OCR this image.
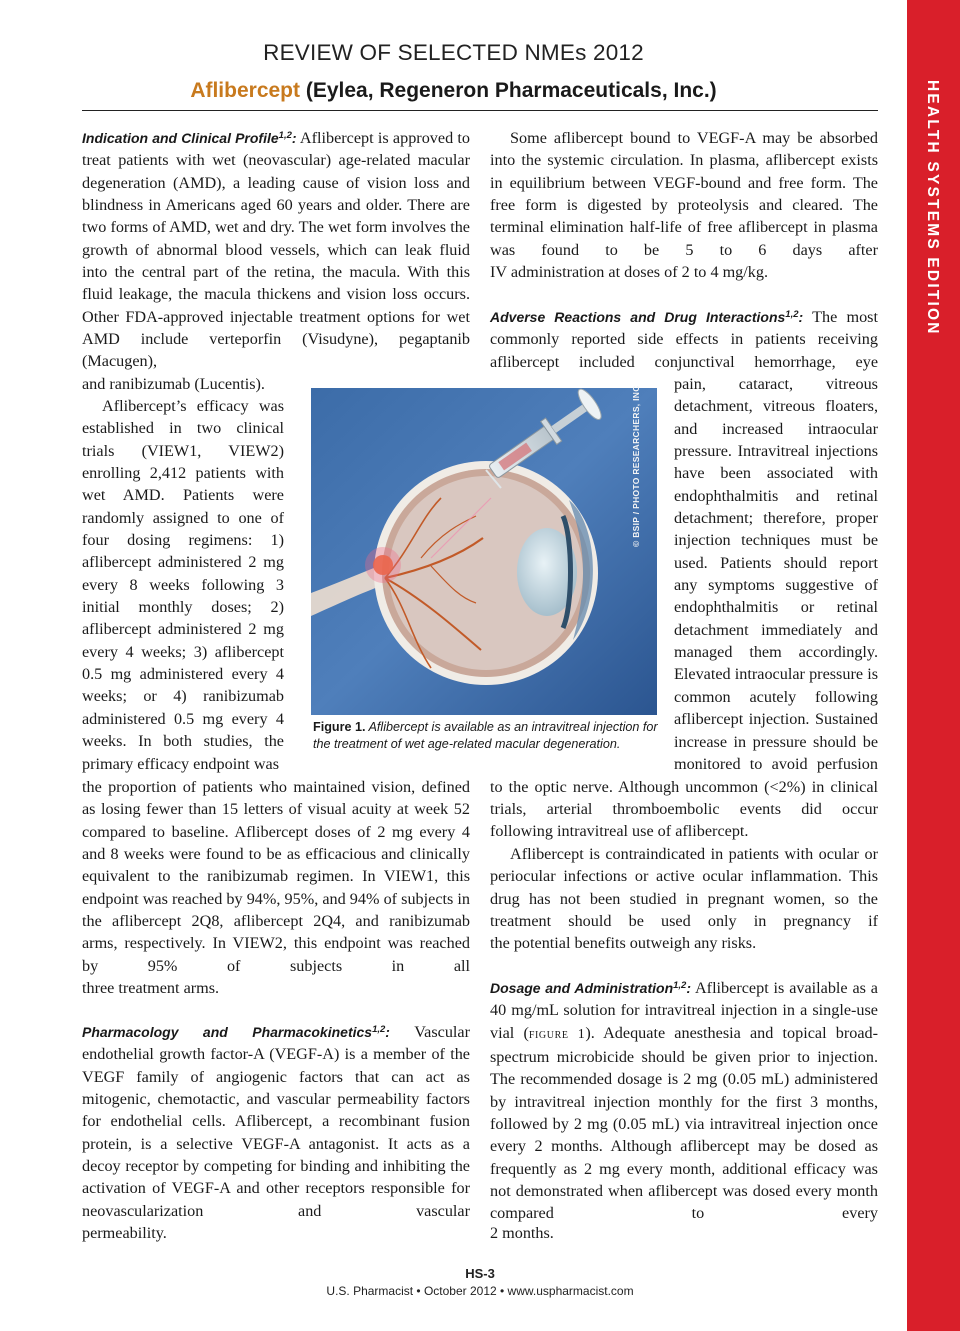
HEALTH SYSTEMS EDITION
REVIEW OF SELECTED NMEs 2012
Aflibercept (Eylea, Regeneron Pharmaceuticals, Inc.)

Indication and Clinical Profile$^{1,2}$: Aflibercept is approved to treat patients with wet (neovascular) age-related macular degeneration (AMD), a leading cause of vision loss and blindness in Americans aged 60 years and older. There are two forms of AMD, wet and dry. The wet form involves the growth of abnormal blood vessels, which can leak fluid into the central part of the retina, the macula. With this fluid leakage, the macula thickens and vision loss occurs. Other FDA-approved injectable treatment options for wet AMD include verteporfin (Visudyne), pegaptanib (Macugen),

and ranibizumab (Lucentis).

Aflibercept’s efficacy was established in two clinical trials (VIEW1, VIEW2) enrolling 2,412 patients with wet AMD. Patients were randomly assigned to one of four dosing regimens: 1) aflibercept administered 2 mg every 8 weeks following 3 initial monthly doses; 2) aflibercept administered 2 mg every 4 weeks; 3) aflibercept 0.5 mg administered every 4 weeks; or 4) ranibizumab administered 0.5 mg every 4 weeks. In both studies, the

primary efficacy endpoint was

the proportion of patients who maintained vision, defined as losing fewer than 15 letters of visual acuity at week 52 compared to baseline. Aflibercept doses of 2 mg every 4 and 8 weeks were found to be as efficacious and clinically equivalent to the ranibizumab regimen. In VIEW1, this endpoint was reached by 94%, 95%, and 94% of subjects in the aflibercept 2Q8, aflibercept 2Q4, and ranibizumab arms, respectively. In VIEW2, this endpoint was reached by 95% of subjects in all

three treatment arms.

Pharmacology and Pharmacokinetics$^{1,2}$: Vascular endothelial growth factor-A (VEGF-A) is a member of the VEGF family of angiogenic factors that can act as mitogenic, chemotactic, and vascular permeability factors for endothelial cells. Aflibercept, a recombinant fusion protein, is a selective VEGF-A antagonist. It acts as a decoy receptor by competing for binding and inhibiting the activation of VEGF-A and other receptors responsible for neovascularization and vascular

permeability.

Some aflibercept bound to VEGF-A may be absorbed into the systemic circulation. In plasma, aflibercept exists in equilibrium between VEGF-bound and free form. The free form is digested by proteolysis and cleared. The terminal elimination half-life of free aflibercept in plasma was found to be 5 to 6 days after

IV administration at doses of 2 to 4 mg/kg.

Adverse Reactions and Drug Interactions$^{1,2}$: The most commonly reported side effects in patients receiving aflibercept included conjunctival hemorrhage, eye

pain, cataract, vitreous detachment, vitreous floaters, and increased intraocular pressure. Intravitreal injections have been associated with endophthalmitis and retinal detachment; therefore, proper injection techniques must be used. Patients should report any symptoms suggestive of endophthalmitis or retinal detachment immediately and managed them accordingly. Elevated intraocular pressure is common acutely following aflibercept injection. Sustained increase in pressure should be monitored to avoid perfusion

to the optic nerve. Although uncommon (<2%) in clinical trials, arterial thromboembolic events did occur

following intravitreal use of aflibercept.

Aflibercept is contraindicated in patients with ocular or periocular infections or active ocular inflammation. This drug has not been studied in pregnant women, so the treatment should be used only in pregnancy if

the potential benefits outweigh any risks.

Dosage and Administration$^{1,2}$: Aflibercept is available as a 40 mg/mL solution for intravitreal injection in a single-use vial (figure 1). Adequate anesthesia and topical broad-spectrum microbicide should be given prior to injection. The recommended dosage is 2 mg (0.05 mL) administered by intravitreal injection monthly for the first 3 months, followed by 2 mg (0.05 mL) via intravitreal injection once every 2 months. Although aflibercept may be dosed as frequently as 2 mg every month, additional efficacy was not demonstrated when aflibercept was dosed every month compared to every

2 months.

© BSIP / PHOTO RESEARCHERS, INC

Figure 1. Aflibercept is available as an intravitreal injection for the treatment of wet age-related macular degeneration.

HS-3
U.S. Pharmacist • October 2012 • www.uspharmacist.com
